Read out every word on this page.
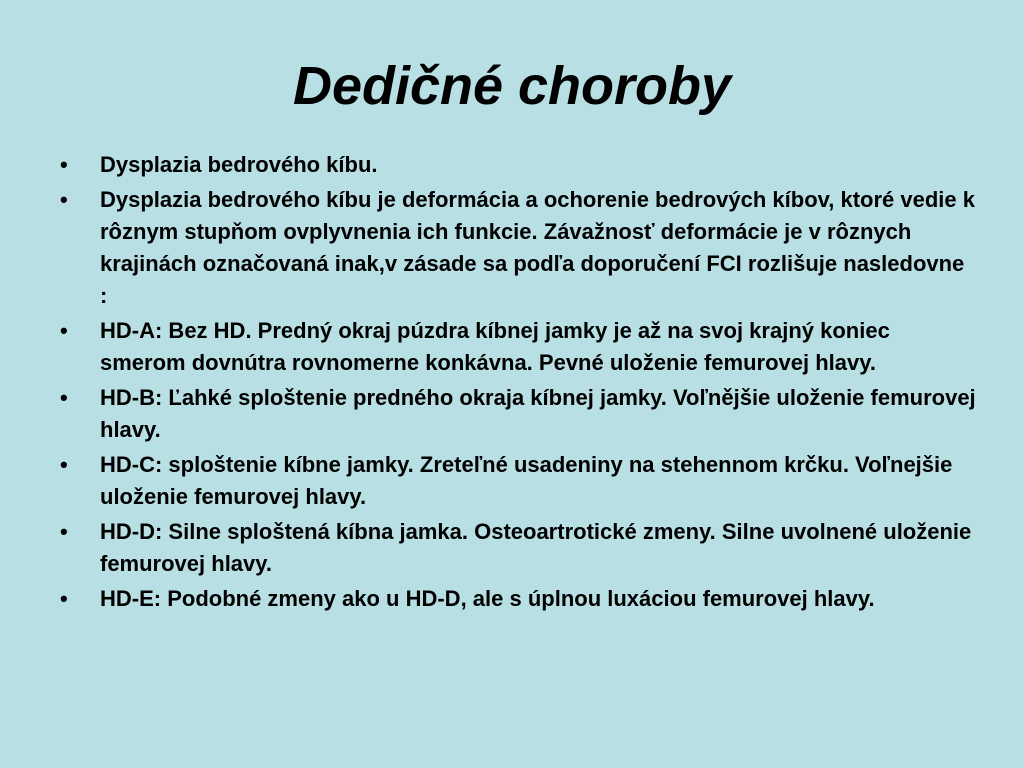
Dedičné choroby
• Dysplazia bedrového kíbu.
• Dysplazia bedrového kíbu je deformácia a ochorenie bedrových kíbov, ktoré vedie k rôznym stupňom ovplyvnenia ich funkcie. Závažnosť deformácie je v rôznych krajinách označovaná inak,v zásade sa podľa doporučení FCI rozlišuje nasledovne :
• HD-A: Bez HD. Predný okraj púzdra kíbnej jamky je až na svoj krajný koniec smerom dovnútra rovnomerne konkávna. Pevné uloženie femurovej hlavy.
• HD-B: Ľahké sploštenie predného okraja kíbnej jamky. Voľnějšie uloženie femurovej hlavy.
• HD-C: sploštenie kíbne jamky. Zreteľné usadeniny na stehennom krčku. Voľnejšie uloženie femurovej hlavy.
• HD-D: Silne sploštená kíbna jamka. Osteoartrotické zmeny. Silne uvolnené uloženie femurovej hlavy.
• HD-E: Podobné zmeny ako u HD-D, ale s úplnou luxáciou femurovej hlavy.
